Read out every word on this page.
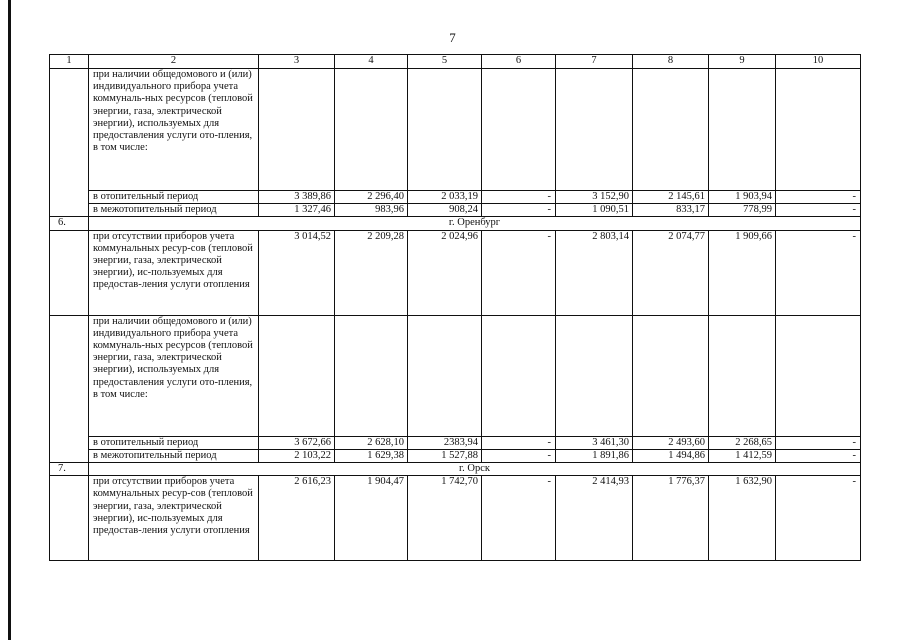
7
1	2	3	4	5	6	7	8	9	10
	при наличии общедомового и (или) индивидуального прибора учета коммуналь-ных ресурсов (тепловой энергии, газа, электрической энергии), используемых для предоставления услуги ото-пления, в том числе:								
	в отопительный период	3 389,86	2 296,40	2 033,19	-	3 152,90	2 145,61	1 903,94	-
	в межотопительный период	1 327,46	983,96	908,24	-	1 090,51	833,17	778,99	-
6.	г. Оренбург								
	при отсутствии приборов учета коммунальных ресур-сов (тепловой энергии, газа, электрической энергии), ис-пользуемых для предостав-ления услуги отопления	3 014,52	2 209,28	2 024,96	-	2 803,14	2 074,77	1 909,66	-
	при наличии общедомового и (или) индивидуального прибора учета коммуналь-ных ресурсов (тепловой энергии, газа, электрической энергии), используемых для предоставления услуги ото-пления, в том числе:								
	в отопительный период	3 672,66	2 628,10	2383,94	-	3 461,30	2 493,60	2 268,65	-
	в межотопительный период	2 103,22	1 629,38	1 527,88	-	1 891,86	1 494,86	1 412,59	-
7.	г. Орск								
	при отсутствии приборов учета коммунальных ресур-сов (тепловой энергии, газа, электрической энергии), ис-пользуемых для предостав-ления услуги отопления	2 616,23	1 904,47	1 742,70	-	2 414,93	1 776,37	1 632,90	-
